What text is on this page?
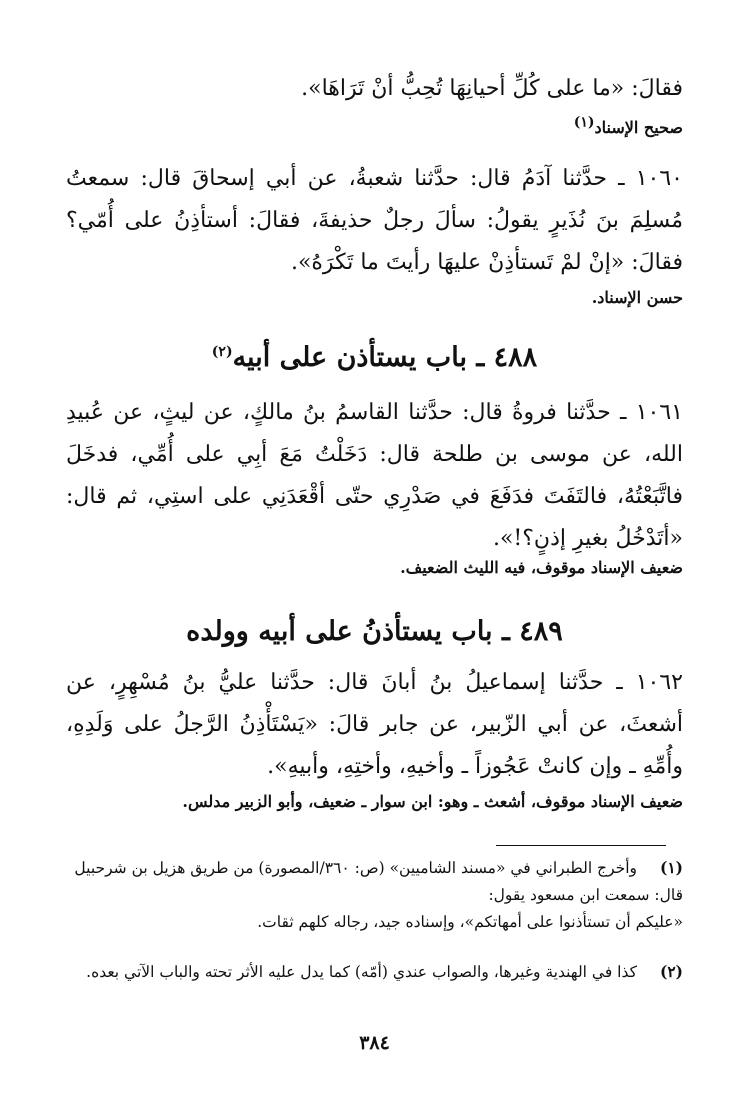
فقالَ: «ما على كُلِّ أحيانِهَا تُحِبُّ أنْ تَرَاهَا».

صحيح الإسناد(١)

١٠٦٠ ـ حدَّثنا آدَمُ قال: حدَّثنا شعبةُ، عن أبي إسحاقَ قال: سمعتُ مُسلِمَ بنَ نُذَيرٍ يقولُ: سألَ رجلٌ حذيفةَ، فقالَ: أستأذِنُ على أُمّي؟ فقالَ: «إنْ لمْ تَستأذِنْ عليهَا رأيتَ ما تَكْرَهُ».

حسن الإسناد.

٤٨٨ ـ باب يستأذن على أبيه$^{(٢)}$

١٠٦١ ـ حدَّثنا فروةُ قال: حدَّثنا القاسمُ بنُ مالكٍ، عن ليثٍ، عن عُبيدِ الله، عن موسى بن طلحة قال: دَخَلْتُ مَعَ أبِي على أُمِّي، فدخَلَ فاتَّبَعْتُهُ، فالتَفَتَ فدَفَعَ في صَدْرِي حتّى أقْعَدَنِي على استِي، ثم قال: «أتَدْخُلُ بغيرِ إذنٍ؟!».

ضعيف الإسناد موقوف، فيه الليث الضعيف.

٤٨٩ ـ باب يستأذنُ على أبيه وولده

١٠٦٢ ـ حدَّثنا إسماعيلُ بنُ أبانَ قال: حدَّثنا عليُّ بنُ مُسْهِرٍ، عن أشعثَ، عن أبي الزّبير، عن جابر قالَ: «يَسْتَأْذِنُ الرَّجلُ على وَلَدِهِ، وأُمِّهِ ـ وإن كانتْ عَجُوزاً ـ وأخيهِ، وأختِهِ، وأبيهِ».

ضعيف الإسناد موقوف، أشعث ـ وهو: ابن سوار ـ ضعيف، وأبو الزبير مدلس.

(١)وأخرج الطبراني في «مسند الشاميين» (ص: ٣٦٠/المصورة) من طريق هزيل بن شرحبيل قال: سمعت ابن مسعود يقول:
«عليكم أن تستأذنوا على أمهاتكم»، وإسناده جيد، رجاله كلهم ثقات.
(٢)كذا في الهندية وغيرها، والصواب عندي (أمّه) كما يدل عليه الأثر تحته والباب الآتي بعده.
٣٨٤
